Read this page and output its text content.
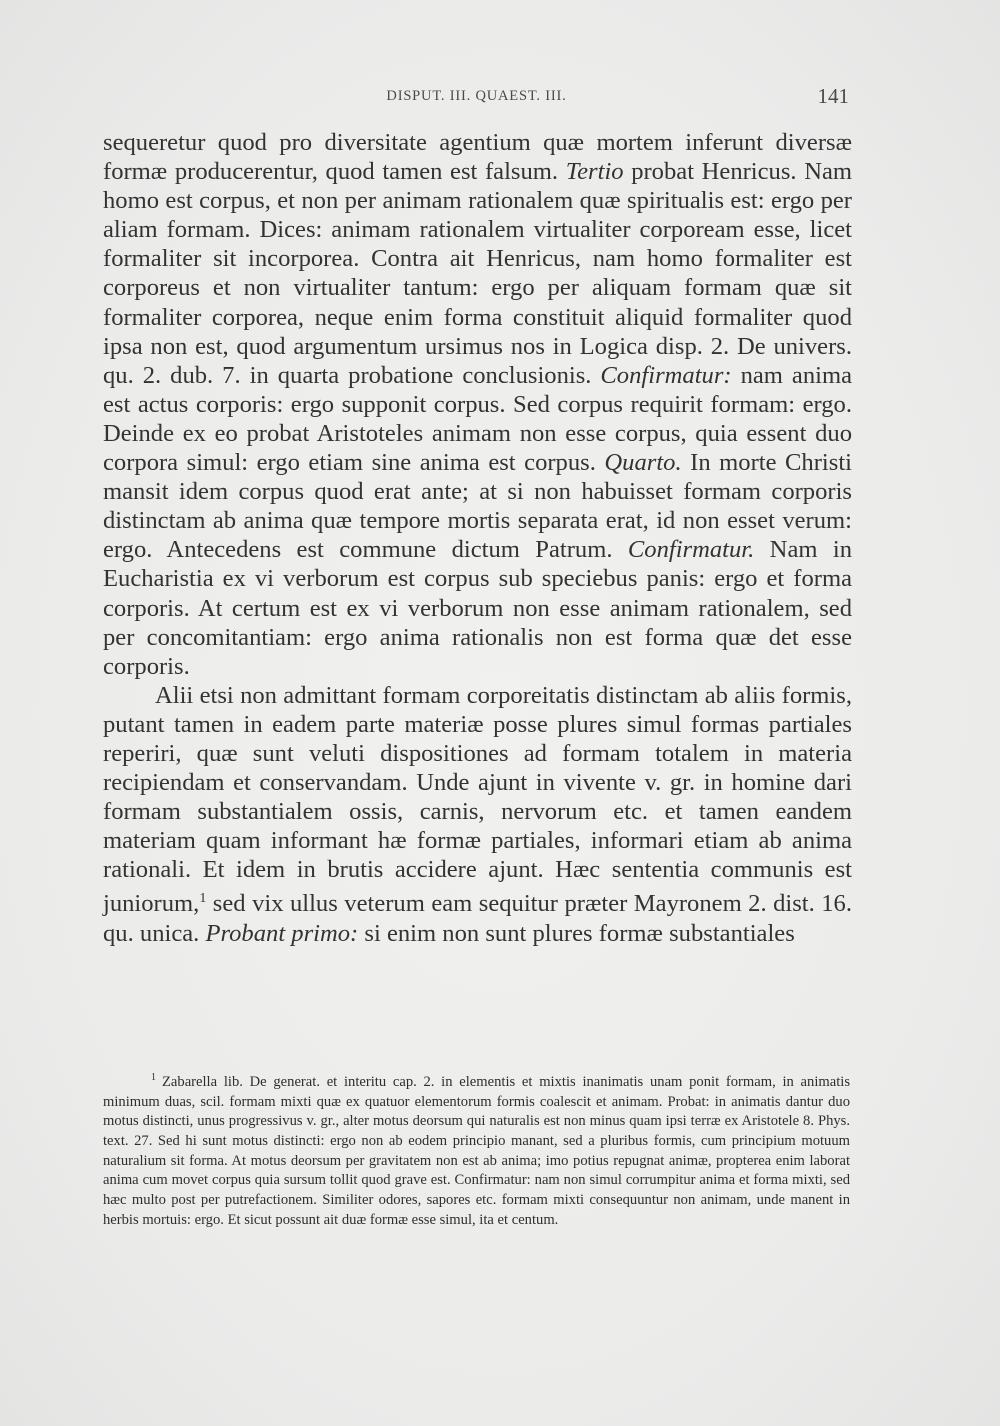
DISPUT. III. QUAEST. III.	141

sequeretur quod pro diversitate agentium quæ mortem inferunt diversæ formæ producerentur, quod tamen est falsum. Tertio probat Henricus. Nam homo est corpus, et non per animam rationalem quæ spiritualis est: ergo per aliam formam. Dices: animam rationalem virtualiter corpoream esse, licet formaliter sit incorporea. Contra ait Henricus, nam homo formaliter est corporeus et non virtualiter tantum: ergo per aliquam formam quæ sit formaliter corporea, neque enim forma constituit aliquid formaliter quod ipsa non est, quod argumentum ursimus nos in Logica disp. 2. De univers. qu. 2. dub. 7. in quarta probatione conclusionis. Confirmatur: nam anima est actus corporis: ergo supponit corpus. Sed corpus requirit formam: ergo. Deinde ex eo probat Aristoteles animam non esse corpus, quia essent duo corpora simul: ergo etiam sine anima est corpus. Quarto. In morte Christi mansit idem corpus quod erat ante; at si non habuisset formam corporis distinctam ab anima quæ tempore mortis separata erat, id non esset verum: ergo. Antecedens est commune dictum Patrum. Confirmatur. Nam in Eucharistia ex vi verborum est corpus sub speciebus panis: ergo et forma corporis. At certum est ex vi verborum non esse animam rationalem, sed per concomitantiam: ergo anima rationalis non est forma quæ det esse corporis.

Alii etsi non admittant formam corporeitatis distinctam ab aliis formis, putant tamen in eadem parte materiæ posse plures simul formas partiales reperiri, quæ sunt veluti dispositiones ad formam totalem in materia recipiendam et conservandam. Unde ajunt in vivente v. gr. in homine dari formam substantialem ossis, carnis, nervorum etc. et tamen eandem materiam quam informant hæ formæ partiales, informari etiam ab anima rationali. Et idem in brutis accidere ajunt. Hæc sententia communis est juniorum,$^1$ sed vix ullus veterum eam sequitur præter Mayronem 2. dist. 16. qu. unica. Probant primo: si enim non sunt plures formæ substantiales

$^1$ Zabarella lib. De generat. et interitu cap. 2. in elementis et mixtis inanimatis unam ponit formam, in animatis minimum duas, scil. formam mixti quæ ex quatuor elementorum formis coalescit et animam. Probat: in animatis dantur duo motus distincti, unus progressivus v. gr., alter motus deorsum qui naturalis est non minus quam ipsi terræ ex Aristotele 8. Phys. text. 27. Sed hi sunt motus distincti: ergo non ab eodem principio manant, sed a pluribus formis, cum principium motuum naturalium sit forma. At motus deorsum per gravitatem non est ab anima; imo potius repugnat animæ, propterea enim laborat anima cum movet corpus quia sursum tollit quod grave est. Confirmatur: nam non simul corrumpitur anima et forma mixti, sed hæc multo post per putrefactionem. Similiter odores, sapores etc. formam mixti consequuntur non animam, unde manent in herbis mortuis: ergo. Et sicut possunt ait duæ formæ esse simul, ita et centum.
